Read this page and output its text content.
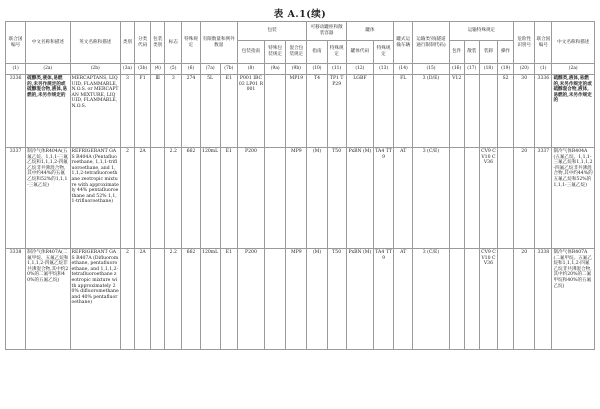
表 A.1(续)
联合国编号	中文名称和描述	英文名称和描述	类别	分类代码	包装类别	标志	特殊规定	有限数量和例外数量		包装			可移动罐柜和散装容器		罐体		罐式运输车辆	运输类别(隧道通行限制代码)	运输特殊规定				危险性识别号	联合国编号	中文名称和描述
										包装指南	特殊包装规定	混合包装规定	指南	特殊规定	罐体代码	特殊规定			包件	散装	装卸	操作			
(1)	(2a)	(2b)	(3a)	(3b)	(4)	(5)	(6)	(7a)	(7b)	(8)	(9a)	(9b)	(10)	(11)	(12)	(13)	(14)	(15)	(16)	(17)	(18)	(19)	(20)	(1)	(2a)
3336	硫醇类,液体,易燃的,未另作规定的或硫醇混合物,液体,易燃的,未另作规定的	MERCAPTANS, LIQUID, FLAMMABLE, N.O.S. or MERCAPTAN MIXTURE, LIQUID, FLAMMABLE, N.O.S.	3	F1	Ⅲ	3	274	5L	E1	P001 IBC03 LP01 R001		MP19	T4	TP1 TP29	LGBF		FL	3 (D/E)	V12			S2	30	3336	硫醇类,液体,易燃的,未另作规定的或硫醇混合物,液体,易燃的,未另作规定的
3337	制冷气体R404A(五氟乙烷、1,1,1-三氟乙烷和1,1,1,2-四氟乙烷非共沸混合物,其中约44%的五氟乙烷和52%的1,1,1-三氟乙烷)	REFRIGERANT GAS R404A (Pentafluoroethane, 1,1,1-trifluoroethane, and 1,1,1,2-tetrafluoroethane zeotropic mixture with approximately 44% pentafluoroethane and 52% 1,1,1-trifluoroethane)	2	2A		2.2	662	120mL	E1	P200		MP9	(M)	T50	PxBN (M)	TA4 TT9	AT	3 (C/E)			CV9 CV10 CV36		20	3337	制冷气体R404A(五氟乙烷、1,1,1-三氟乙烷和1,1,1,2-四氟乙烷非共沸混合物,其中约44%的五氟乙烷和52%的1,1,1-三氟乙烷)
3338	制冷气体R407A(二氟甲烷、五氟乙烷和1,1,1,2-四氟乙烷非共沸混合物,其中约20%的二氟甲烷和40%的五氟乙烷)	REFRIGERANT GAS R407A (Difluoromethane, pentafluoroethane, and 1,1,1,2-tetrafluoroethane zeotropic mixture with approximately 20% difluoromethane and 40% pentafluoroethane)	2	2A		2.2	662	120mL	E1	P200		MP9	(M)	T50	PxBN (M)	TA4 TT9	AT	3 (C/E)			CV9 CV10 CV36		20	3338	制冷气体R407A(二氟甲烷、五氟乙烷和1,1,1,2-四氟乙烷非共沸混合物,其中约20%的二氟甲烷和40%的五氟乙烷)
